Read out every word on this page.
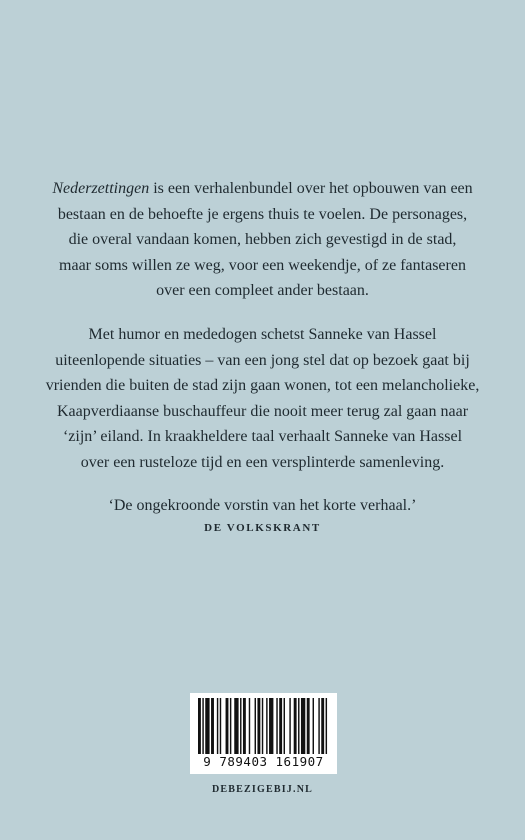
Nederzettingen is een verhalenbundel over het opbouwen van een
bestaan en de behoefte je ergens thuis te voelen. De personages,
die overal vandaan komen, hebben zich gevestigd in de stad,
maar soms willen ze weg, voor een weekendje, of ze fantaseren
over een compleet ander bestaan.
Met humor en mededogen schetst Sanneke van Hassel
uiteenlopende situaties – van een jong stel dat op bezoek gaat bij
vrienden die buiten de stad zijn gaan wonen, tot een melancholieke,
Kaapverdiaanse buschauffeur die nooit meer terug zal gaan naar
‘zijn’ eiland. In kraakheldere taal verhaalt Sanneke van Hassel
over een rusteloze tijd en een versplinterde samenleving.
‘De ongekroonde vorstin van het korte verhaal.’
DE VOLKSKRANT
9 789403 161907
DEBEZIGEBIJ.NL
